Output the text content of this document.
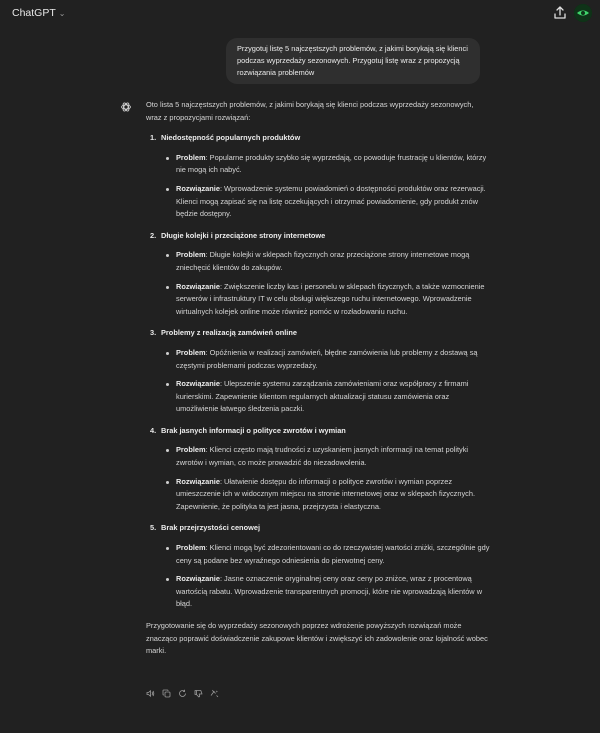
ChatGPT ⌄
Przygotuj listę 5 najczęstszych problemów, z jakimi borykają się klienci podczas wyprzedaży sezonowych. Przygotuj listę wraz z propozycją rozwiązania problemów

Oto lista 5 najczęstszych problemów, z jakimi borykają się klienci podczas wyprzedaży sezonowych, wraz z propozycjami rozwiązań:

1. Niedostępność popularnych produktów
Problem: Popularne produkty szybko się wyprzedają, co powoduje frustrację u klientów, którzy nie mogą ich nabyć.
Rozwiązanie: Wprowadzenie systemu powiadomień o dostępności produktów oraz rezerwacji. Klienci mogą zapisać się na listę oczekujących i otrzymać powiadomienie, gdy produkt znów będzie dostępny.
2. Długie kolejki i przeciążone strony internetowe
Problem: Długie kolejki w sklepach fizycznych oraz przeciążone strony internetowe mogą zniechęcić klientów do zakupów.
Rozwiązanie: Zwiększenie liczby kas i personelu w sklepach fizycznych, a także wzmocnienie serwerów i infrastruktury IT w celu obsługi większego ruchu internetowego. Wprowadzenie wirtualnych kolejek online może również pomóc w rozładowaniu ruchu.
3. Problemy z realizacją zamówień online
Problem: Opóźnienia w realizacji zamówień, błędne zamówienia lub problemy z dostawą są częstymi problemami podczas wyprzedaży.
Rozwiązanie: Ulepszenie systemu zarządzania zamówieniami oraz współpracy z firmami kurierskimi. Zapewnienie klientom regularnych aktualizacji statusu zamówienia oraz umożliwienie łatwego śledzenia paczki.
4. Brak jasnych informacji o polityce zwrotów i wymian
Problem: Klienci często mają trudności z uzyskaniem jasnych informacji na temat polityki zwrotów i wymian, co może prowadzić do niezadowolenia.
Rozwiązanie: Ułatwienie dostępu do informacji o polityce zwrotów i wymian poprzez umieszczenie ich w widocznym miejscu na stronie internetowej oraz w sklepach fizycznych. Zapewnienie, że polityka ta jest jasna, przejrzysta i elastyczna.
5. Brak przejrzystości cenowej
Problem: Klienci mogą być zdezorientowani co do rzeczywistej wartości zniżki, szczególnie gdy ceny są podane bez wyraźnego odniesienia do pierwotnej ceny.
Rozwiązanie: Jasne oznaczenie oryginalnej ceny oraz ceny po zniżce, wraz z procentową wartością rabatu. Wprowadzenie transparentnych promocji, które nie wprowadzają klientów w błąd.

Przygotowanie się do wyprzedaży sezonowych poprzez wdrożenie powyższych rozwiązań może znacząco poprawić doświadczenie zakupowe klientów i zwiększyć ich zadowolenie oraz lojalność wobec marki.
